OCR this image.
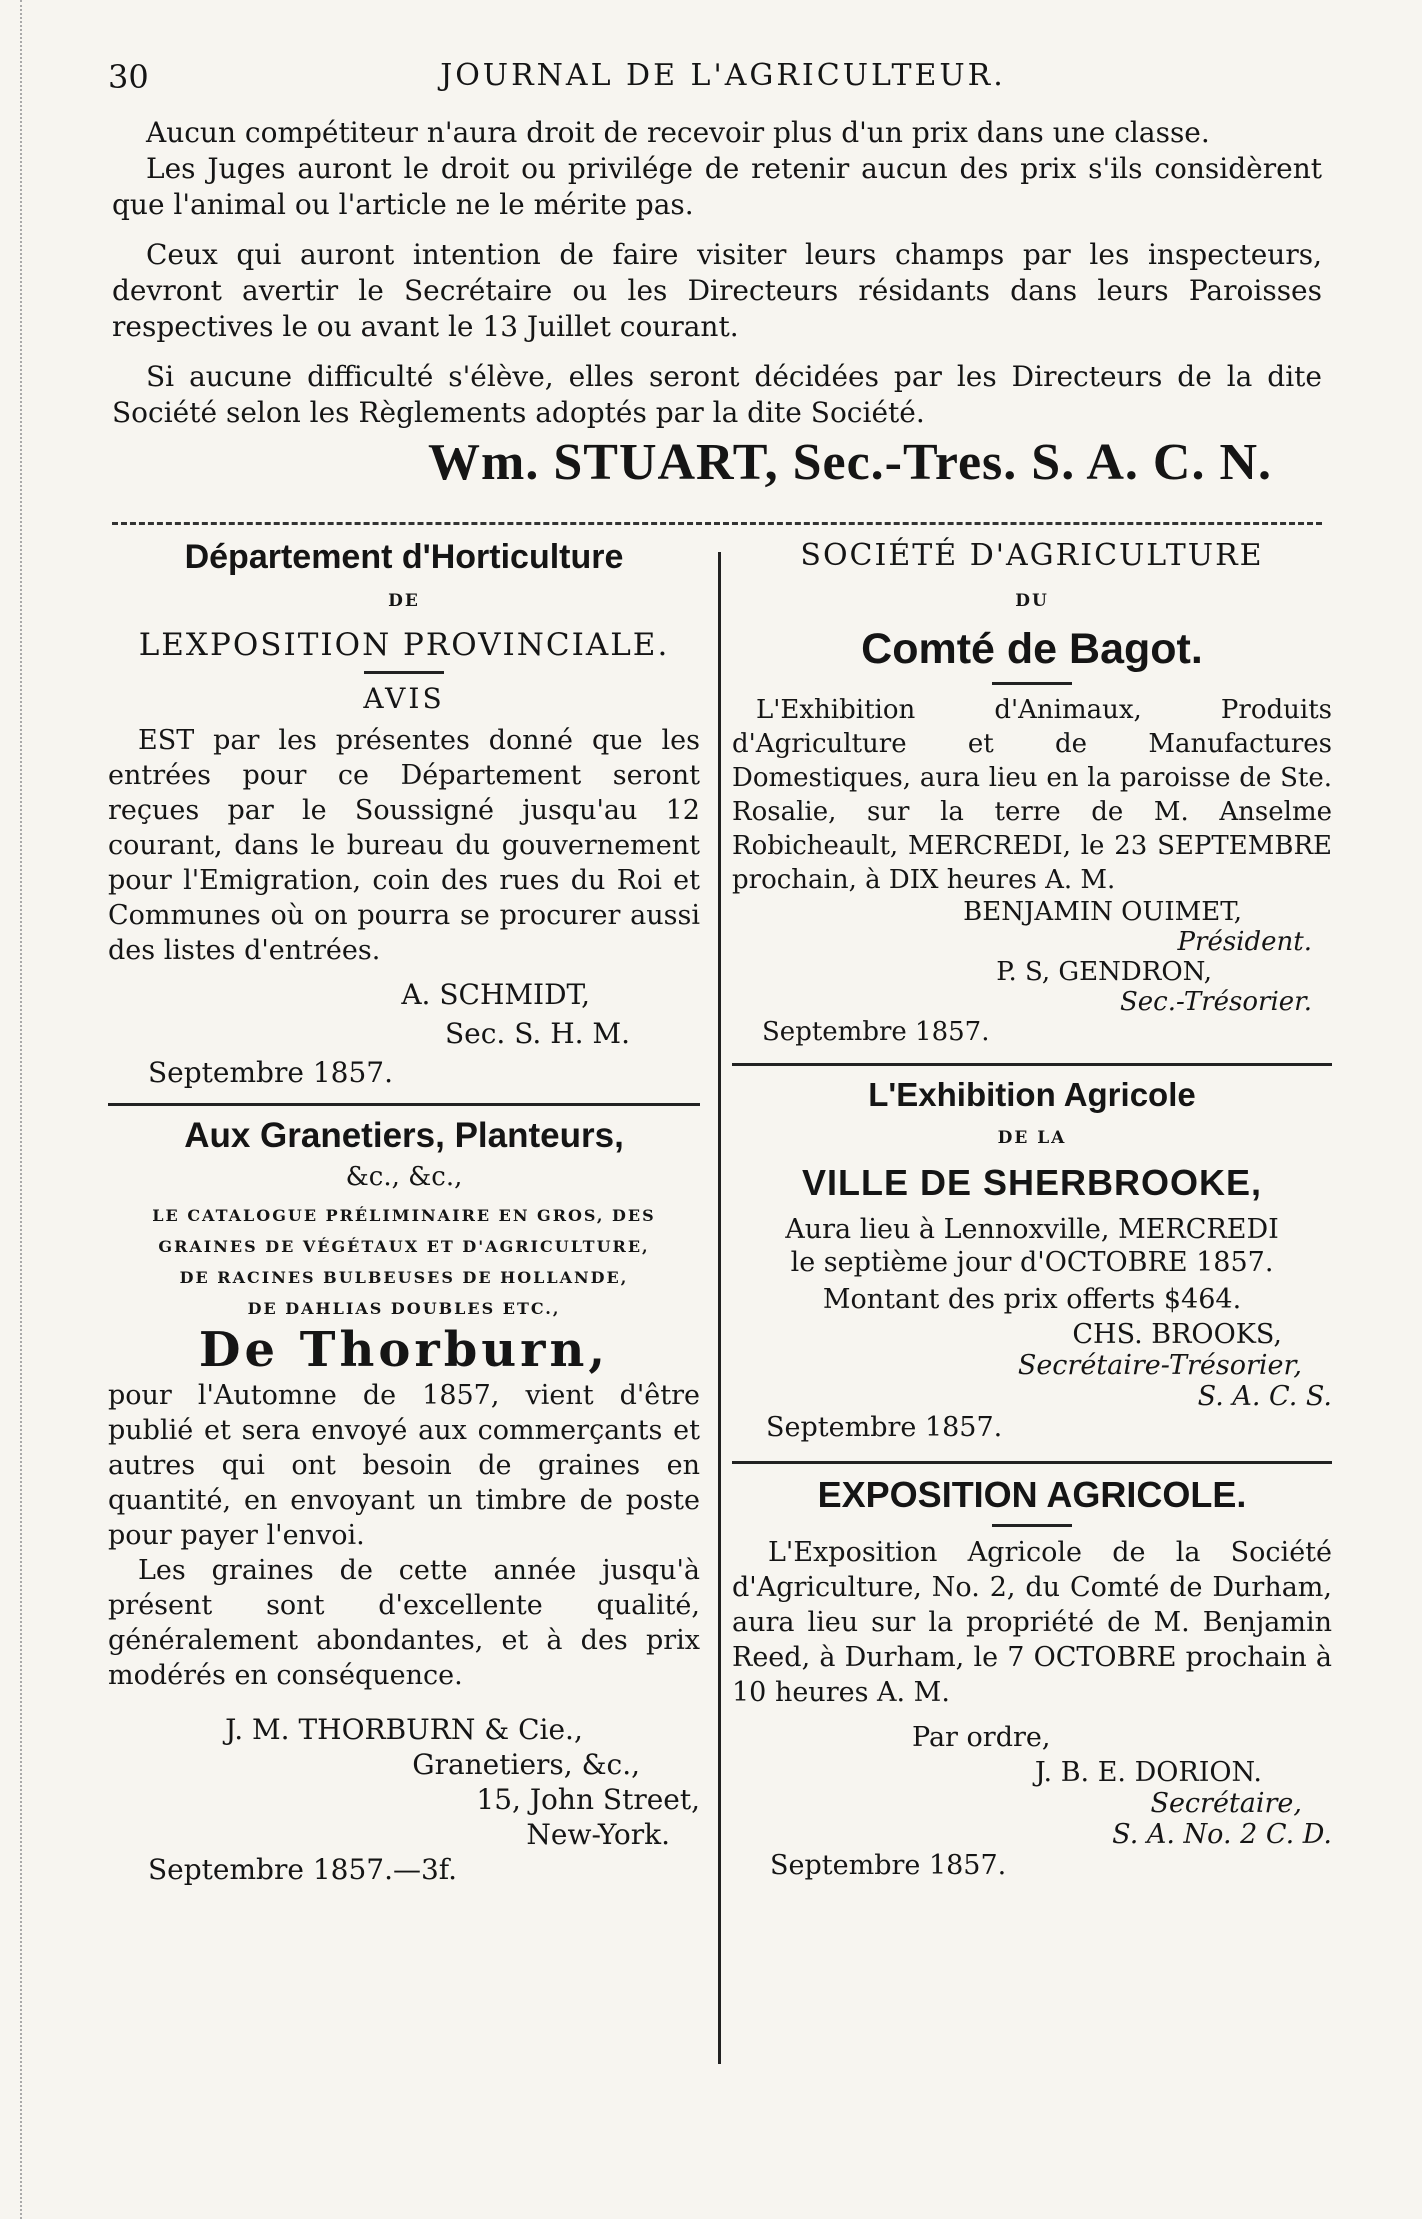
30	JOURNAL DE L'AGRICULTEUR.

Aucun compétiteur n'aura droit de recevoir plus d'un prix dans une classe.

Les Juges auront le droit ou privilége de retenir aucun des prix s'ils considèrent que l'animal ou l'article ne le mérite pas.

Ceux qui auront intention de faire visiter leurs champs par les inspecteurs, devront avertir le Secrétaire ou les Directeurs résidants dans leurs Paroisses respectives le ou avant le 13 Juillet courant.

Si aucune difficulté s'élève, elles seront décidées par les Directeurs de la dite Société selon les Règlements adoptés par la dite Société.

Wm. STUART, Sec.-Tres. S. A. C. N.
Département d'Horticulture
DE
LEXPOSITION PROVINCIALE.
AVIS

EST par les présentes donné que les entrées pour ce Département seront reçues par le Soussigné jusqu'au 12 courant, dans le bureau du gouvernement pour l'Emigration, coin des rues du Roi et Communes où on pourra se procurer aussi des listes d'entrées.

A. SCHMIDT,
Sec. S. H. M.
Septembre 1857.
Aux Granetiers, Planteurs,
&c., &c.,
LE CATALOGUE PRÉLIMINAIRE EN GROS, DES
GRAINES DE VÉGÉTAUX ET D'AGRICULTURE,
DE RACINES BULBEUSES DE HOLLANDE,
DE DAHLIAS DOUBLES ETC.,
De Thorburn,

pour l'Automne de 1857, vient d'être publié et sera envoyé aux commerçants et autres qui ont besoin de graines en quantité, en envoyant un timbre de poste pour payer l'envoi.

Les graines de cette année jusqu'à présent sont d'excellente qualité, généralement abondantes, et à des prix modérés en conséquence.

J. M. THORBURN & Cie.,
Granetiers, &c.,
15, John Street,
New-York.
Septembre 1857.—3f.
SOCIÉTÉ D'AGRICULTURE
DU
Comté de Bagot.

L'Exhibition d'Animaux, Produits d'Agriculture et de Manufactures Domestiques, aura lieu en la paroisse de Ste. Rosalie, sur la terre de M. Anselme Robicheault, MERCREDI, le 23 SEPTEMBRE prochain, à DIX heures A. M.

BENJAMIN OUIMET,
Président.
P. S, GENDRON,
Sec.-Trésorier.
Septembre 1857.
L'Exhibition Agricole
DE LA
VILLE DE SHERBROOKE,
Aura lieu à Lennoxville, MERCREDI
le septième jour d'OCTOBRE 1857.
Montant des prix offerts $464.
CHS. BROOKS,
Secrétaire-Trésorier,
S. A. C. S.
Septembre 1857.
EXPOSITION AGRICOLE.

L'Exposition Agricole de la Société d'Agriculture, No. 2, du Comté de Durham, aura lieu sur la propriété de M. Benjamin Reed, à Durham, le 7 OCTOBRE prochain à 10 heures A. M.

Par ordre,
J. B. E. DORION.
Secrétaire,
S. A. No. 2 C. D.
Septembre 1857.
